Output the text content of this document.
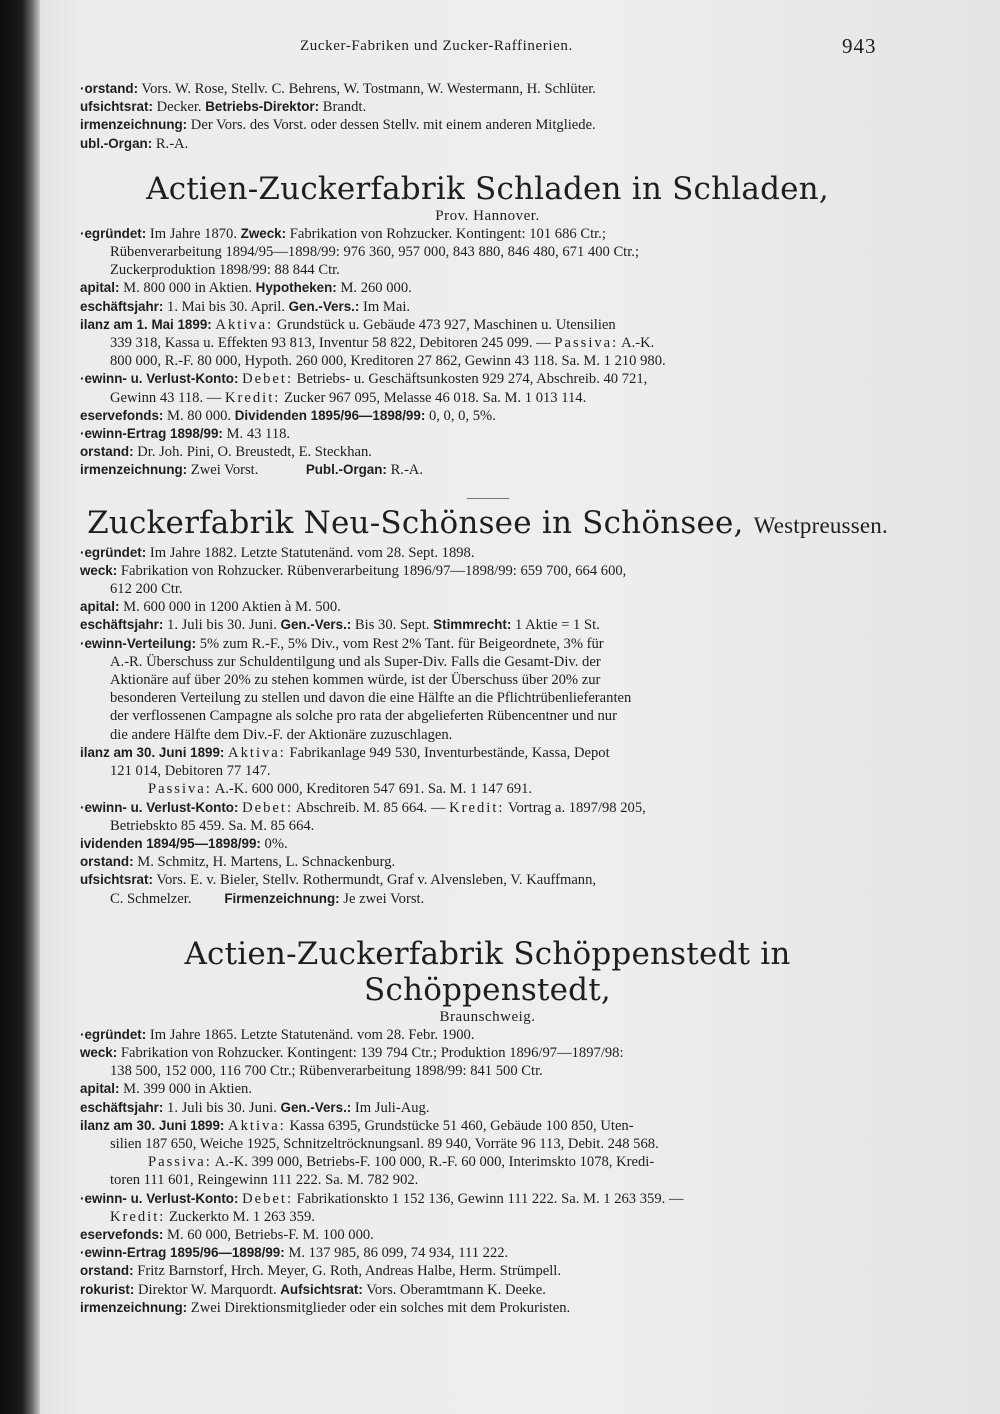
Zucker-Fabriken und Zucker-Raffinerien.	943
·orstand: Vors. W. Rose, Stellv. C. Behrens, W. Tostmann, W. Westermann, H. Schlüter.
ufsichtsrat: Decker. Betriebs-Direktor: Brandt.
irmenzeichnung: Der Vors. des Vorst. oder dessen Stellv. mit einem anderen Mitgliede.
ubl.-Organ: R.-A.
Actien-Zuckerfabrik Schladen in Schladen,
Prov. Hannover.
·egründet: Im Jahre 1870. Zweck: Fabrikation von Rohzucker. Kontingent: 101 686 Ctr.;
Rübenverarbeitung 1894/95—1898/99: 976 360, 957 000, 843 880, 846 480, 671 400 Ctr.;
Zuckerproduktion 1898/99: 88 844 Ctr.
apital: M. 800 000 in Aktien. Hypotheken: M. 260 000.
eschäftsjahr: 1. Mai bis 30. April. Gen.-Vers.: Im Mai.
ilanz am 1. Mai 1899: Aktiva: Grundstück u. Gebäude 473 927, Maschinen u. Utensilien
339 318, Kassa u. Effekten 93 813, Inventur 58 822, Debitoren 245 099. — Passiva: A.-K.
800 000, R.-F. 80 000, Hypoth. 260 000, Kreditoren 27 862, Gewinn 43 118. Sa. M. 1 210 980.
·ewinn- u. Verlust-Konto: Debet: Betriebs- u. Geschäftsunkosten 929 274, Abschreib. 40 721,
Gewinn 43 118. — Kredit: Zucker 967 095, Melasse 46 018. Sa. M. 1 013 114.
eservefonds: M. 80 000. Dividenden 1895/96—1898/99: 0, 0, 0, 5%.
·ewinn-Ertrag 1898/99: M. 43 118.
orstand: Dr. Joh. Pini, O. Breustedt, E. Steckhan.
irmenzeichnung: Zwei Vorst.	Publ.-Organ: R.-A.
Zuckerfabrik Neu-Schönsee in Schönsee, Westpreussen.
·egründet: Im Jahre 1882. Letzte Statutenänd. vom 28. Sept. 1898.
weck: Fabrikation von Rohzucker. Rübenverarbeitung 1896/97—1898/99: 659 700, 664 600,
612 200 Ctr.
apital: M. 600 000 in 1200 Aktien à M. 500.
eschäftsjahr: 1. Juli bis 30. Juni. Gen.-Vers.: Bis 30. Sept. Stimmrecht: 1 Aktie = 1 St.
·ewinn-Verteilung: 5% zum R.-F., 5% Div., vom Rest 2% Tant. für Beigeordnete, 3% für
A.-R. Überschuss zur Schuldentilgung und als Super-Div. Falls die Gesamt-Div. der
Aktionäre auf über 20% zu stehen kommen würde, ist der Überschuss über 20% zur
besonderen Verteilung zu stellen und davon die eine Hälfte an die Pflichtrübenlieferanten
der verflossenen Campagne als solche pro rata der abgelieferten Rübencentner und nur
die andere Hälfte dem Div.-F. der Aktionäre zuzuschlagen.
ilanz am 30. Juni 1899: Aktiva: Fabrikanlage 949 530, Inventurbestände, Kassa, Depot
121 014, Debitoren 77 147.
Passiva: A.-K. 600 000, Kreditoren 547 691. Sa. M. 1 147 691.
·ewinn- u. Verlust-Konto: Debet: Abschreib. M. 85 664. — Kredit: Vortrag a. 1897/98 205,
Betriebskto 85 459. Sa. M. 85 664.
ividenden 1894/95—1898/99: 0%.
orstand: M. Schmitz, H. Martens, L. Schnackenburg.
ufsichtsrat: Vors. E. v. Bieler, Stellv. Rothermundt, Graf v. Alvensleben, V. Kauffmann,
C. Schmelzer. Firmenzeichnung: Je zwei Vorst.
Actien-Zuckerfabrik Schöppenstedt in Schöppenstedt,
Braunschweig.
·egründet: Im Jahre 1865. Letzte Statutenänd. vom 28. Febr. 1900.
weck: Fabrikation von Rohzucker. Kontingent: 139 794 Ctr.; Produktion 1896/97—1897/98:
138 500, 152 000, 116 700 Ctr.; Rübenverarbeitung 1898/99: 841 500 Ctr.
apital: M. 399 000 in Aktien.
eschäftsjahr: 1. Juli bis 30. Juni. Gen.-Vers.: Im Juli-Aug.
ilanz am 30. Juni 1899: Aktiva: Kassa 6395, Grundstücke 51 460, Gebäude 100 850, Uten-
silien 187 650, Weiche 1925, Schnitzeltröcknungsanl. 89 940, Vorräte 96 113, Debit. 248 568.
Passiva: A.-K. 399 000, Betriebs-F. 100 000, R.-F. 60 000, Interimskto 1078, Kredi-
toren 111 601, Reingewinn 111 222. Sa. M. 782 902.
·ewinn- u. Verlust-Konto: Debet: Fabrikationskto 1 152 136, Gewinn 111 222. Sa. M. 1 263 359. —
Kredit: Zuckerkto M. 1 263 359.
eservefonds: M. 60 000, Betriebs-F. M. 100 000.
·ewinn-Ertrag 1895/96—1898/99: M. 137 985, 86 099, 74 934, 111 222.
orstand: Fritz Barnstorf, Hrch. Meyer, G. Roth, Andreas Halbe, Herm. Strümpell.
rokurist: Direktor W. Marquordt. Aufsichtsrat: Vors. Oberamtmann K. Deeke.
irmenzeichnung: Zwei Direktionsmitglieder oder ein solches mit dem Prokuristen.
